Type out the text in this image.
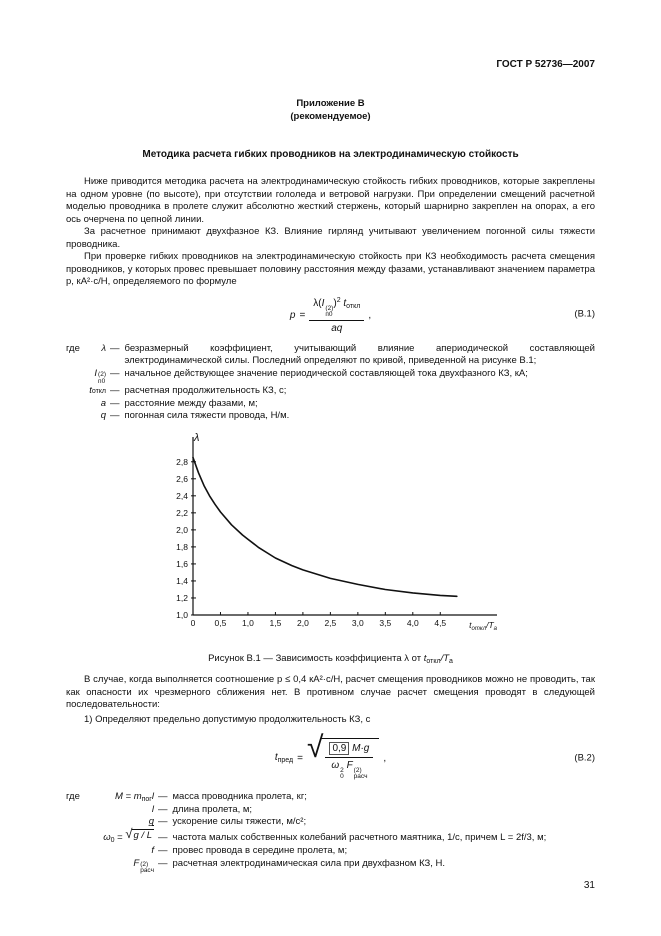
ГОСТ Р 52736—2007
Приложение В
(рекомендуемое)
Методика расчета гибких проводников на электродинамическую стойкость

Ниже приводится методика расчета на электродинамическую стойкость гибких проводников, которые закреплены на одном уровне (по высоте), при отсутствии гололеда и ветровой нагрузки. При определении смещений расчетной моделью проводника в пролете служит абсолютно жесткий стержень, который шарнирно закреплен на опорах, а его ось очерчена по цепной линии.

За расчетное принимают двухфазное КЗ. Влияние гирлянд учитывают увеличением погонной силы тяжести проводника.

При проверке гибких проводников на электродинамическую стойкость при КЗ необходимость расчета смещения проводников, у которых провес превышает половину расстояния между фазами, устанавливают значением параметра p, кА²·с/Н, определяемого по формуле

p = λ(I (2)
п0
)$^2$ $t_{откл}$
aq ,	(В.1)
где λ — безразмерный коэффициент, учитывающий влияние апериодической составляющей электродинамической силы. Последний определяют по кривой, приведенной на рисунке В.1;
I (2)
п0
— начальное действующее значение периодической составляющей тока двухфазного КЗ, кА;
t откл — расчетная продолжительность КЗ, с;
a — расстояние между фазами, м;
q — погонная сила тяжести провода, Н/м.
1,0
1,2
1,4
1,6
1,8
2,0
2,2
2,4
2,6
2,8
0 0,5 1,0 1,5 2,0 2,5 3,0 3,5 4,0 4,5
λ
$t_{откл}/T_а$
Рисунок В.1 — Зависимость коэффициента λ от $t_{откл}/T_а$

В случае, когда выполняется соотношение p ≤ 0,4 кА²·с/Н, расчет смещения проводников можно не проводить, так как опасности их чрезмерного сближения нет. В противном случае расчет смещения проводят в следующей последовательности:

1) Определяют предельно допустимую продолжительность КЗ, с

$t_{пред}$ = √ 0,9 M·g
ω 2
0
F (2)
расч ,	(В.2)
где	$M = m_{пог}l$ — масса проводника пролета, кг;
l — длина пролета, м;
g — ускорение силы тяжести, м/с²;
$\omega_0$ = √ g / L — частота малых собственных колебаний расчетного маятника, 1/с, причем L = 2f/3, м;
f — провес провода в середине пролета, м;
F (2)
расч
— расчетная электродинамическая сила при двухфазном КЗ, Н.
31
